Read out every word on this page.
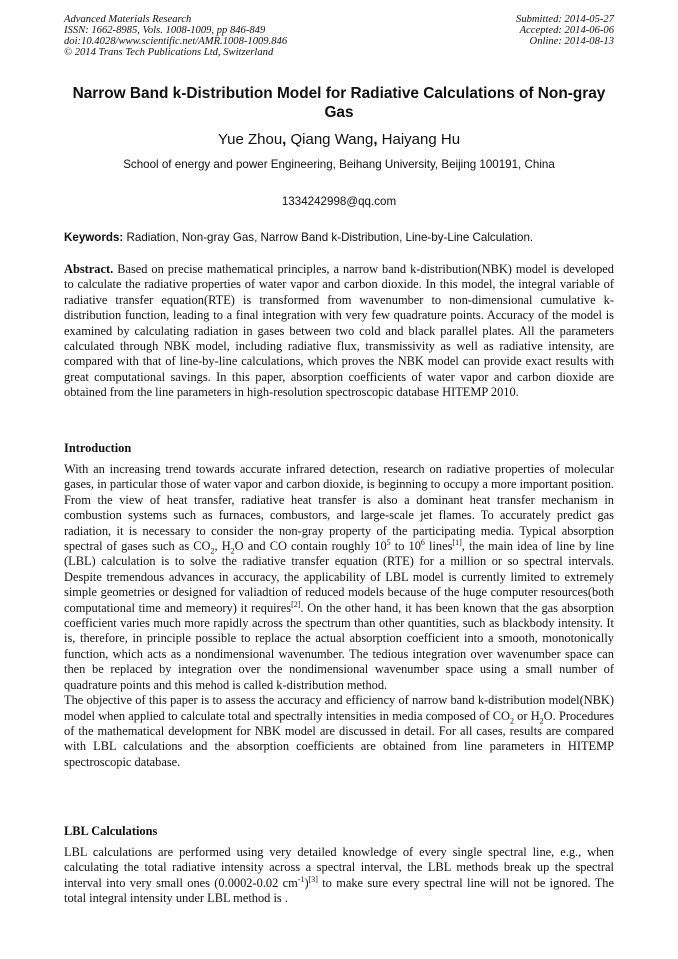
Advanced Materials Research
ISSN: 1662-8985, Vols. 1008-1009, pp 846-849
doi:10.4028/www.scientific.net/AMR.1008-1009.846
© 2014 Trans Tech Publications Ltd, Switzerland
Submitted: 2014-05-27
Accepted: 2014-06-06
Online: 2014-08-13
Narrow Band k-Distribution Model for Radiative Calculations of Non-gray Gas
Yue Zhou, Qiang Wang, Haiyang Hu
School of energy and power Engineering, Beihang University, Beijing 100191, China
1334242998@qq.com
Keywords: Radiation, Non-gray Gas, Narrow Band k-Distribution, Line-by-Line Calculation.
Abstract. Based on precise mathematical principles, a narrow band k-distribution(NBK) model is developed to calculate the radiative properties of water vapor and carbon dioxide. In this model, the integral variable of radiative transfer equation(RTE) is transformed from wavenumber to non-dimensional cumulative k-distribution function, leading to a final integration with very few quadrature points. Accuracy of the model is examined by calculating radiation in gases between two cold and black parallel plates. All the parameters calculated through NBK model, including radiative flux, transmissivity as well as radiative intensity, are compared with that of line-by-line calculations, which proves the NBK model can provide exact results with great computational savings. In this paper, absorption coefficients of water vapor and carbon dioxide are obtained from the line parameters in high-resolution spectroscopic database HITEMP 2010.
Introduction

With an increasing trend towards accurate infrared detection, research on radiative properties of molecular gases, in particular those of water vapor and carbon dioxide, is beginning to occupy a more important position. From the view of heat transfer, radiative heat transfer is also a dominant heat transfer mechanism in combustion systems such as furnaces, combustors, and large-scale jet flames. To accurately predict gas radiation, it is necessary to consider the non-gray property of the participating media. Typical absorption spectral of gases such as $CO_2$, $H_2O$ and CO contain roughly $10^5$ to $10^6$ lines[1], the main idea of line by line (LBL) calculation is to solve the radiative transfer equation (RTE) for a million or so spectral intervals. Despite tremendous advances in accuracy, the applicability of LBL model is currently limited to extremely simple geometries or designed for valiadtion of reduced models because of the huge computer resources(both computational time and memeory) it requires[2]. On the other hand, it has been known that the gas absorption coefficient varies much more rapidly across the spectrum than other quantities, such as blackbody intensity. It is, therefore, in principle possible to replace the actual absorption coefficient into a smooth, monotonically function, which acts as a nondimensional wavenumber. The tedious integration over wavenumber space can then be replaced by integration over the nondimensional wavenumber space using a small number of quadrature points and this mehod is called k-distribution method.

The objective of this paper is to assess the accuracy and efficiency of narrow band k-distribution model(NBK) model when applied to calculate total and spectrally intensities in media composed of $CO_2$ or $H_2O$. Procedures of the mathematical development for NBK model are discussed in detail. For all cases, results are compared with LBL calculations and the absorption coefficients are obtained from line parameters in HITEMP spectroscopic database.

LBL Calculations

LBL calculations are performed using very detailed knowledge of every single spectral line, e.g., when calculating the total radiative intensity across a spectral interval, the LBL methods break up the spectral interval into very small ones (0.0002-0.02 $cm^{-1})[3]$ to make sure every spectral line will not be ignored. The total integral intensity under LBL method is .
